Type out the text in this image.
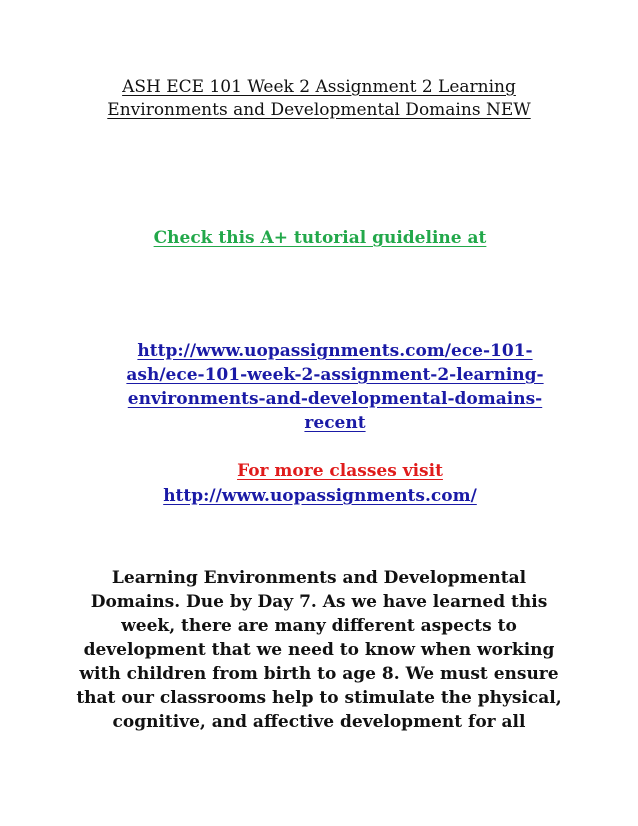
ASH ECE 101 Week 2 Assignment 2 Learning
Environments and Developmental Domains NEW
Check this A+ tutorial guideline at
http://www.uopassignments.com/ece-101-
ash/ece-101-week-2-assignment-2-learning-
environments-and-developmental-domains-
recent
For more classes visit
http://www.uopassignments.com/
Learning Environments and Developmental
Domains. Due by Day 7. As we have learned this
week, there are many different aspects to
development that we need to know when working
with children from birth to age 8. We must ensure
that our classrooms help to stimulate the physical,
cognitive, and affective development for all
